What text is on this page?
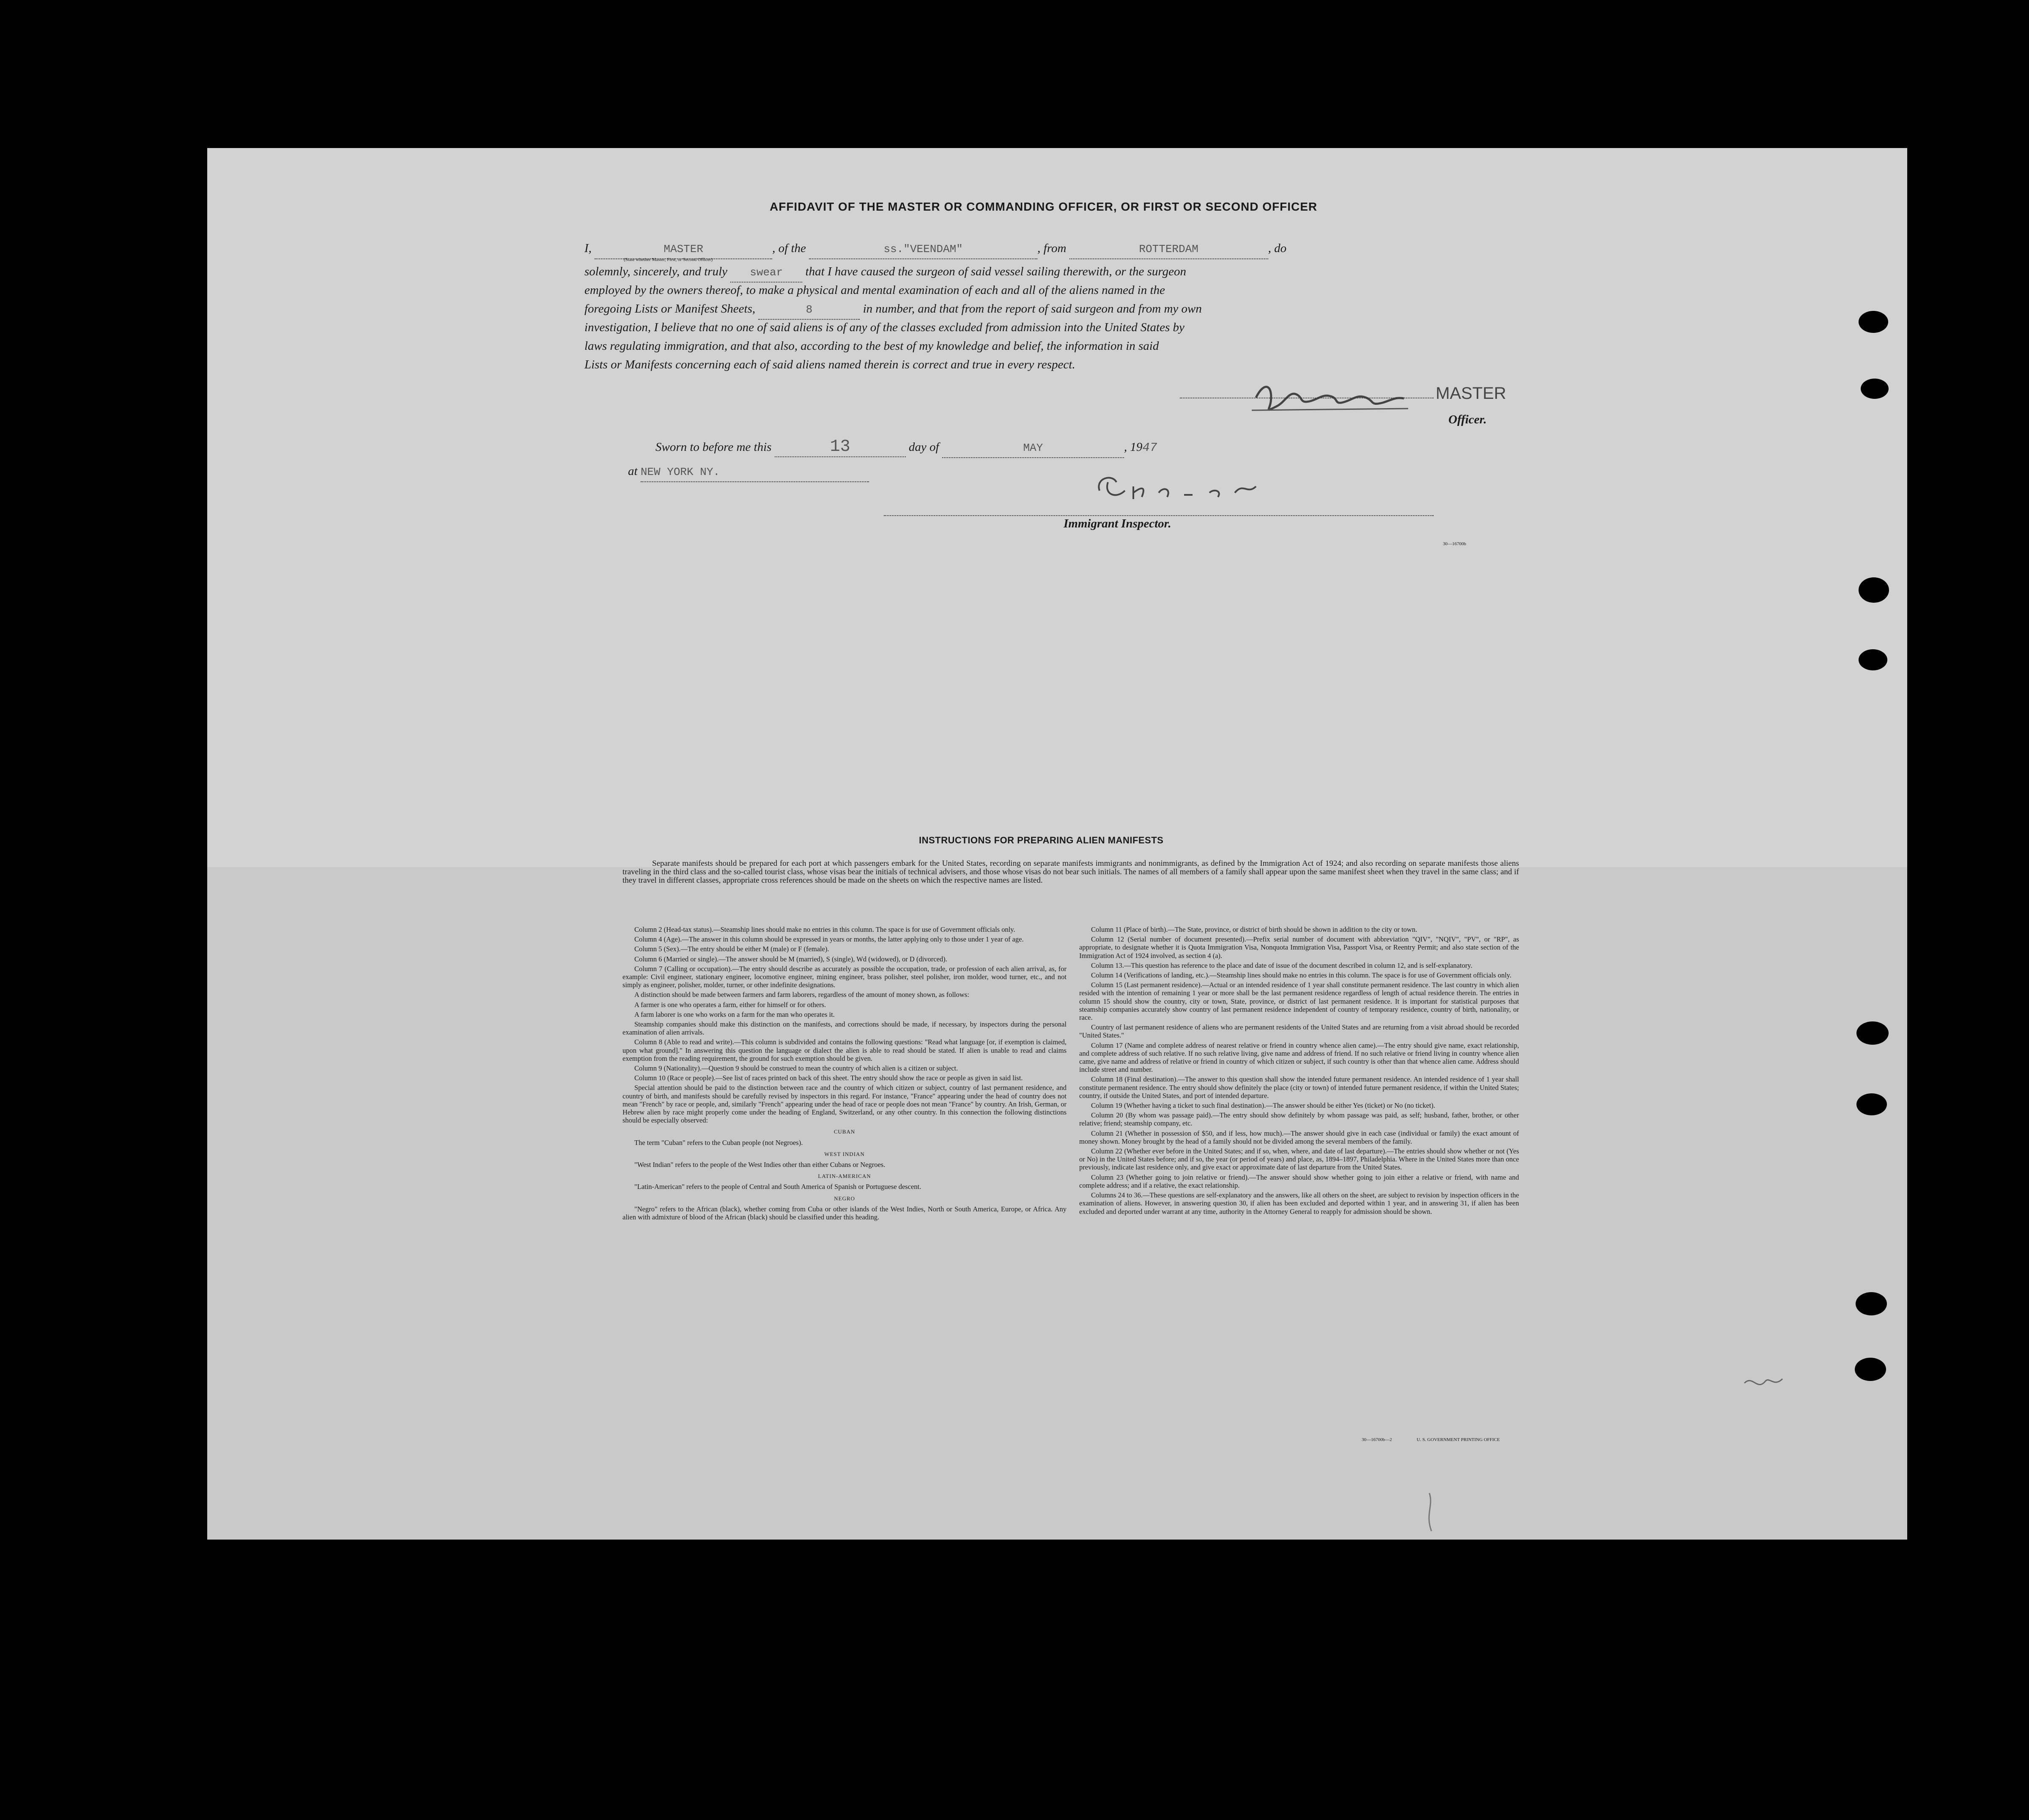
AFFIDAVIT OF THE MASTER OR COMMANDING OFFICER, OR FIRST OR SECOND OFFICER
I,	MASTER	, of the	ss."VEENDAM"	, from	ROTTERDAM	, do
(State whether Master, First, or Second Officer)
solemnly, sincerely, and truly swear that I have caused the surgeon of said vessel sailing therewith, or the surgeon
employed by the owners thereof, to make a physical and mental examination of each and all of the aliens named in the
foregoing Lists or Manifest Sheets,	8	in number, and that from the report of said surgeon and from my own
investigation, I believe that no one of said aliens is of any of the classes excluded from admission into the United States by
laws regulating immigration, and that also, according to the best of my knowledge and belief, the information in said
Lists or Manifests concerning each of said aliens named therein is correct and true in every respect.
MASTER
Officer.
Sworn to before me this	13	day of	MAY	, 1947
at NEW YORK NY.
Immigrant Inspector.
30—16700b
INSTRUCTIONS FOR PREPARING ALIEN MANIFESTS
Separate manifests should be prepared for each port at which passengers embark for the United States, recording on separate manifests immigrants and nonimmigrants, as defined by the Immigration Act of 1924; and also recording on separate manifests those aliens traveling in the third class and the so-called tourist class, whose visas bear the initials of technical advisers, and those whose visas do not bear such initials. The names of all members of a family shall appear upon the same manifest sheet when they travel in the same class; and if they travel in different classes, appropriate cross references should be made on the sheets on which the respective names are listed.

Column 2 (Head-tax status).—Steamship lines should make no entries in this column. The space is for use of Government officials only.

Column 4 (Age).—The answer in this column should be expressed in years or months, the latter applying only to those under 1 year of age.

Column 5 (Sex).—The entry should be either M (male) or F (female).

Column 6 (Married or single).—The answer should be M (married), S (single), Wd (widowed), or D (divorced).

Column 7 (Calling or occupation).—The entry should describe as accurately as possible the occupation, trade, or profession of each alien arrival, as, for example: Civil engineer, stationary engineer, locomotive engineer, mining engineer, brass polisher, steel polisher, iron molder, wood turner, etc., and not simply as engineer, polisher, molder, turner, or other indefinite designations.

A distinction should be made between farmers and farm laborers, regardless of the amount of money shown, as follows:

A farmer is one who operates a farm, either for himself or for others.

A farm laborer is one who works on a farm for the man who operates it.

Steamship companies should make this distinction on the manifests, and corrections should be made, if necessary, by inspectors during the personal examination of alien arrivals.

Column 8 (Able to read and write).—This column is subdivided and contains the following questions: "Read what language [or, if exemption is claimed, upon what ground]." In answering this question the language or dialect the alien is able to read should be stated. If alien is unable to read and claims exemption from the reading requirement, the ground for such exemption should be given.

Column 9 (Nationality).—Question 9 should be construed to mean the country of which alien is a citizen or subject.

Column 10 (Race or people).—See list of races printed on back of this sheet. The entry should show the race or people as given in said list.

Special attention should be paid to the distinction between race and the country of which citizen or subject, country of last permanent residence, and country of birth, and manifests should be carefully revised by inspectors in this regard. For instance, "France" appearing under the head of country does not mean "French" by race or people, and, similarly "French" appearing under the head of race or people does not mean "France" by country. An Irish, German, or Hebrew alien by race might properly come under the heading of England, Switzerland, or any other country. In this connection the following distinctions should be especially observed:

CUBAN

The term "Cuban" refers to the Cuban people (not Negroes).

WEST INDIAN

"West Indian" refers to the people of the West Indies other than either Cubans or Negroes.

LATIN-AMERICAN

"Latin-American" refers to the people of Central and South America of Spanish or Portuguese descent.

NEGRO

"Negro" refers to the African (black), whether coming from Cuba or other islands of the West Indies, North or South America, Europe, or Africa. Any alien with admixture of blood of the African (black) should be classified under this heading.

Column 11 (Place of birth).—The State, province, or district of birth should be shown in addition to the city or town.

Column 12 (Serial number of document presented).—Prefix serial number of document with abbreviation "QIV", "NQIV", "PV", or "RP", as appropriate, to designate whether it is Quota Immigration Visa, Nonquota Immigration Visa, Passport Visa, or Reentry Permit; and also state section of the Immigration Act of 1924 involved, as section 4 (a).

Column 13.—This question has reference to the place and date of issue of the document described in column 12, and is self-explanatory.

Column 14 (Verifications of landing, etc.).—Steamship lines should make no entries in this column. The space is for use of Government officials only.

Column 15 (Last permanent residence).—Actual or an intended residence of 1 year shall constitute permanent residence. The last country in which alien resided with the intention of remaining 1 year or more shall be the last permanent residence regardless of length of actual residence therein. The entries in column 15 should show the country, city or town, State, province, or district of last permanent residence. It is important for statistical purposes that steamship companies accurately show country of last permanent residence independent of country of temporary residence, country of birth, nationality, or race.

Country of last permanent residence of aliens who are permanent residents of the United States and are returning from a visit abroad should be recorded "United States."

Column 17 (Name and complete address of nearest relative or friend in country whence alien came).—The entry should give name, exact relationship, and complete address of such relative. If no such relative living, give name and address of friend. If no such relative or friend living in country whence alien came, give name and address of relative or friend in country of which citizen or subject, if such country is other than that whence alien came. Address should include street and number.

Column 18 (Final destination).—The answer to this question shall show the intended future permanent residence. An intended residence of 1 year shall constitute permanent residence. The entry should show definitely the place (city or town) of intended future permanent residence, if within the United States; country, if outside the United States, and port of intended departure.

Column 19 (Whether having a ticket to such final destination).—The answer should be either Yes (ticket) or No (no ticket).

Column 20 (By whom was passage paid).—The entry should show definitely by whom passage was paid, as self; husband, father, brother, or other relative; friend; steamship company, etc.

Column 21 (Whether in possession of $50, and if less, how much).—The answer should give in each case (individual or family) the exact amount of money shown. Money brought by the head of a family should not be divided among the several members of the family.

Column 22 (Whether ever before in the United States; and if so, when, where, and date of last departure).—The entries should show whether or not (Yes or No) in the United States before; and if so, the year (or period of years) and place, as, 1894–1897, Philadelphia. Where in the United States more than once previously, indicate last residence only, and give exact or approximate date of last departure from the United States.

Column 23 (Whether going to join relative or friend).—The answer should show whether going to join either a relative or friend, with name and complete address; and if a relative, the exact relationship.

Columns 24 to 36.—These questions are self-explanatory and the answers, like all others on the sheet, are subject to revision by inspection officers in the examination of aliens. However, in answering question 30, if alien has been excluded and deported within 1 year, and in answering 31, if alien has been excluded and deported under warrant at any time, authority in the Attorney General to reapply for admission should be shown.

30—16700b—2	U. S. GOVERNMENT PRINTING OFFICE
